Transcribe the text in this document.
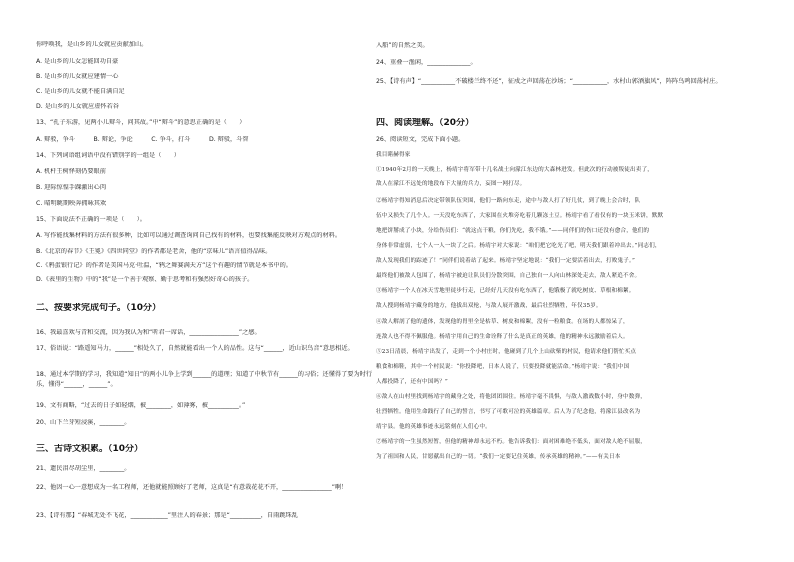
你呼唤我，是山乡的儿女就应贡献加山。
A. 是山乡的儿女怎能回功自豪
B. 是山乡的儿女就应建情一心
C. 是山乡的儿女就不能自满自足
D. 是山乡的儿女就应虚怀若谷
13、“孔子东游，见两小儿辩斗，问其故。”中“辩斗”的意思正确的是（　　）
A. 辩驳，争斗　　　B. 辩论，争论　　　C. 争斗，打斗　　　D. 辩驳，斗智
14、下列词语组词语中没有错别字的一组是（　　）
A. 机杆王树怿刻仍要眼前
B. 迎际惊惶手踝激出心肉
C. 晴明眺期映奔拥咏其欢
15、下面说法不正确的一项是（　　）。
A. 写作能找集材料的方法有很多种，比如可以通过调查询问自己找有的材料，也要找集能反映对方观点的材料。
B.《北京的春节》《王冕》《四世同堂》的作者都是老舍，他的“京味儿”语言值得品味。
C.《鸦蛋银行记》的作者是美国马克·吐温，“鸦之舞赛满天方”这个有趣的情节就是本书中的。
D.《表里的生物》中的“我”是一个善于观察、勤于思考和有强烈好奇心的孩子。
二、按要求完成句子。（10分）
16、我最喜欢与青和交流，因为我认为和“听君一席话，________________”之感。
17、俗语说：“路遥知马力，______”相处久了，自然就能看出一个人的品性。这与“______，近山识鸟音”意思相近。
18、通过本学期的学习，我知道“知日”的两小儿争上学到______的道理；知道了中秋节有______的习俗；还懂得了要为时行乐，懂得“______，______”。
19、文有商略，“过去的日子如轻烟，被________，如薄雾，被__________。”
20、山下兰芽短浸溪，________。
三、古诗文积累。（10分）
21、遗民泪尽胡尘里，________。
22、他因一心一意想成为一名工程师，还他就能照顾好了老师，这真是“有意栽花花不开，________________”啊！
23、【诗有那】“春城无处不飞花，____________”里注人的春景；那是“__________，自雨跳珠乱
入船”的自然之美。
24、重叠一渔闲，______________。
25、【诗有声】“___________不破楼兰终不还”，征戍之声回荡在沙场；“___________，水村山郭酒旗风”，阵阵鸟鸣回荡村庄。
四、阅读理解。（20分）
26、阅读短文，完成下面小题。
我目睹赫得家
①1940年2月的一天晚上，杨靖宇将军带十几名战士向濛江东边的大森林进发。但此次的行动被叛徒出卖了，
敌人在濛江不远处的地段布下大量的兵力，妄图一网打尽。
②杨靖宇得知消息后决定带领队伍突围，他们一路向东走，途中与敌人打了好几仗，到了晚上会合时，队
伍中又损失了几个人。一天没吃东西了，大家围在火堆旁吃着几颗冻土豆。杨靖宇看了看仅有的一块玉米饼，默默
地把饼掰成了小块，分给伤员们：“就这点干粮，你们先吃，我不饿。”——同伴们的伤口还没有愈合，他们的
身体非常虚弱，七个人一人一块了之后。杨靖宇对大家说：“咱们把它吃光了吧，明天我们跟着冲出去。”同志们，
敌人发现我们的踪迹了！”同伴们说着站了起来。杨靖宇坚定地说：“我们一定要活着出去，打败鬼子。”
最终他们被敌人包围了，杨靖宇被迫让队员们分散突围，自己独自一人向山林深处走去，敌人紧追不舍。
③杨靖宇一个人在冰天雪地里徒步行走，已经好几天没有吃东西了，他饿极了就吃树皮、草根和棉絮。
敌人搜到杨靖宇藏身的地方，他拔出双枪，与敌人展开激战，最后壮烈牺牲，年仅35岁。
④敌人解剖了他的遗体，发现他的胃里全是枯草、树皮和棉絮，没有一粒粮食。在场的人都惊呆了，
连敌人也不得不佩服他。杨靖宇用自己的生命诠释了什么是真正的英雄，他的精神永远激励着后人。
⑤23日清晨，杨靖宇出发了，走到一个小村庄时，他碰到了几个上山砍柴的村民，他请求他们帮忙买点
粮食和棉鞋，其中一个村民说：“你投降吧，日本人说了，只要投降就能活命。”杨靖宇说：“我们中国
人都投降了，还有中国吗？”
⑥敌人在山村里找到杨靖宇的藏身之处，将他团团围住。杨靖宇毫不畏惧，与敌人激战数小时，身中数弹，
壮烈牺牲。他用生命践行了自己的誓言，书写了可歌可泣的英雄篇章。后人为了纪念他，将濛江县改名为
靖宇县。他的英雄事迹永远铭刻在人们心中。
⑦杨靖宇的一生虽然短暂，但他的精神却永远不朽。他告诉我们：面对困难绝不低头，面对敌人绝不屈服，
为了祖国和人民，甘愿献出自己的一切。“我们一定要记住英雄，传承英雄的精神。”——有关日本
